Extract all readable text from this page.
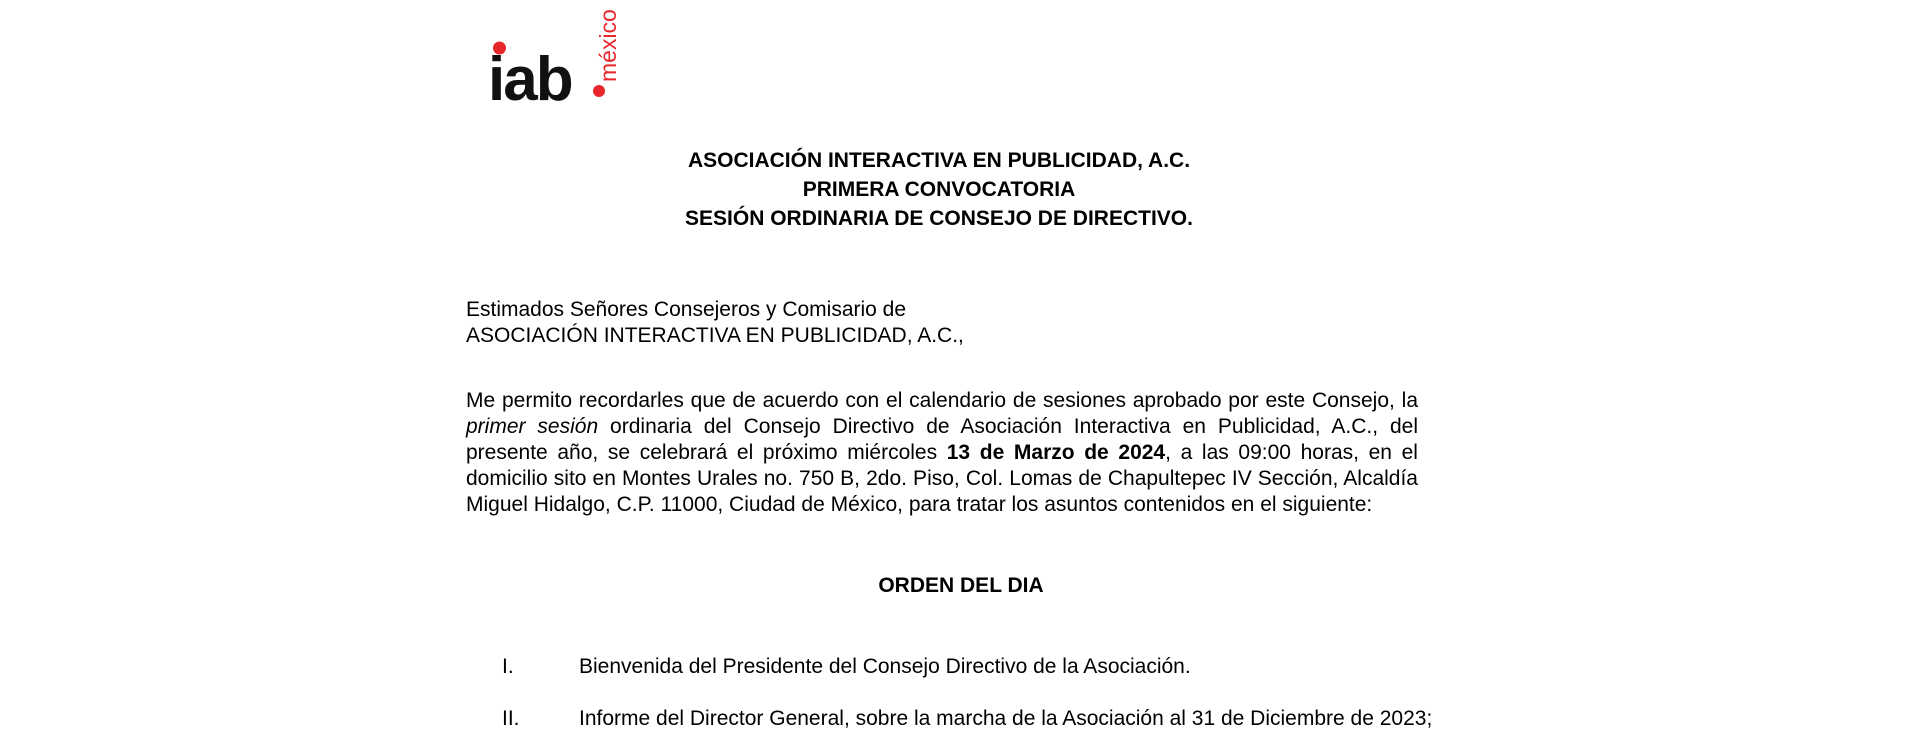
iab méxico
ASOCIACIÓN INTERACTIVA EN PUBLICIDAD, A.C.
PRIMERA CONVOCATORIA
SESIÓN ORDINARIA DE CONSEJO DE DIRECTIVO.
Estimados Señores Consejeros y Comisario de
ASOCIACIÓN INTERACTIVA EN PUBLICIDAD, A.C.,
Me permito recordarles que de acuerdo con el calendario de sesiones aprobado por este Consejo, la primer sesión ordinaria del Consejo Directivo de Asociación Interactiva en Publicidad, A.C., del presente año, se celebrará el próximo miércoles 13 de Marzo de 2024, a las 09:00 horas, en el domicilio sito en Montes Urales no. 750 B, 2do. Piso, Col. Lomas de Chapultepec IV Sección, Alcaldía Miguel Hidalgo, C.P. 11000, Ciudad de México, para tratar los asuntos contenidos en el siguiente:
ORDEN DEL DIA
I.	Bienvenida del Presidente del Consejo Directivo de la Asociación.
II.	Informe del Director General, sobre la marcha de la Asociación al 31 de Diciembre de 2023;
